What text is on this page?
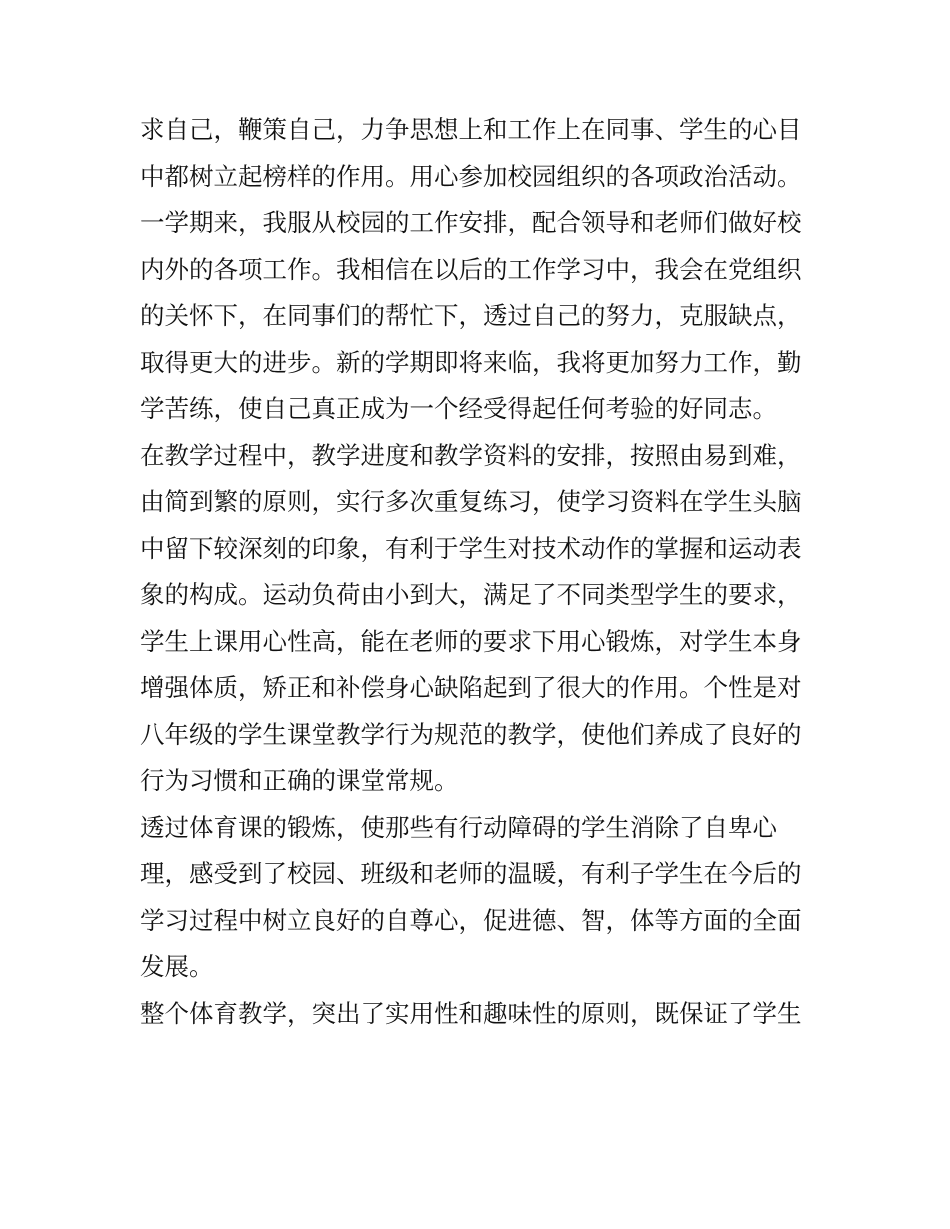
求自己，鞭策自己，力争思想上和工作上在同事、学生的心目
中都树立起榜样的作用。用心参加校园组织的各项政治活动。
一学期来，我服从校园的工作安排，配合领导和老师们做好校
内外的各项工作。我相信在以后的工作学习中，我会在党组织
的关怀下，在同事们的帮忙下，透过自己的努力，克服缺点，
取得更大的进步。新的学期即将来临，我将更加努力工作，勤
学苦练，使自己真正成为一个经受得起任何考验的好同志。
在教学过程中，教学进度和教学资料的安排，按照由易到难，
由简到繁的原则，实行多次重复练习，使学习资料在学生头脑
中留下较深刻的印象，有利于学生对技术动作的掌握和运动表
象的构成。运动负荷由小到大，满足了不同类型学生的要求，
学生上课用心性高，能在老师的要求下用心锻炼，对学生本身
增强体质，矫正和补偿身心缺陷起到了很大的作用。个性是对
八年级的学生课堂教学行为规范的教学，使他们养成了良好的
行为习惯和正确的课堂常规。
透过体育课的锻炼，使那些有行动障碍的学生消除了自卑心
理，感受到了校园、班级和老师的温暖，有利子学生在今后的
学习过程中树立良好的自尊心，促进德、智，体等方面的全面
发展。
整个体育教学，突出了实用性和趣味性的原则，既保证了学生
